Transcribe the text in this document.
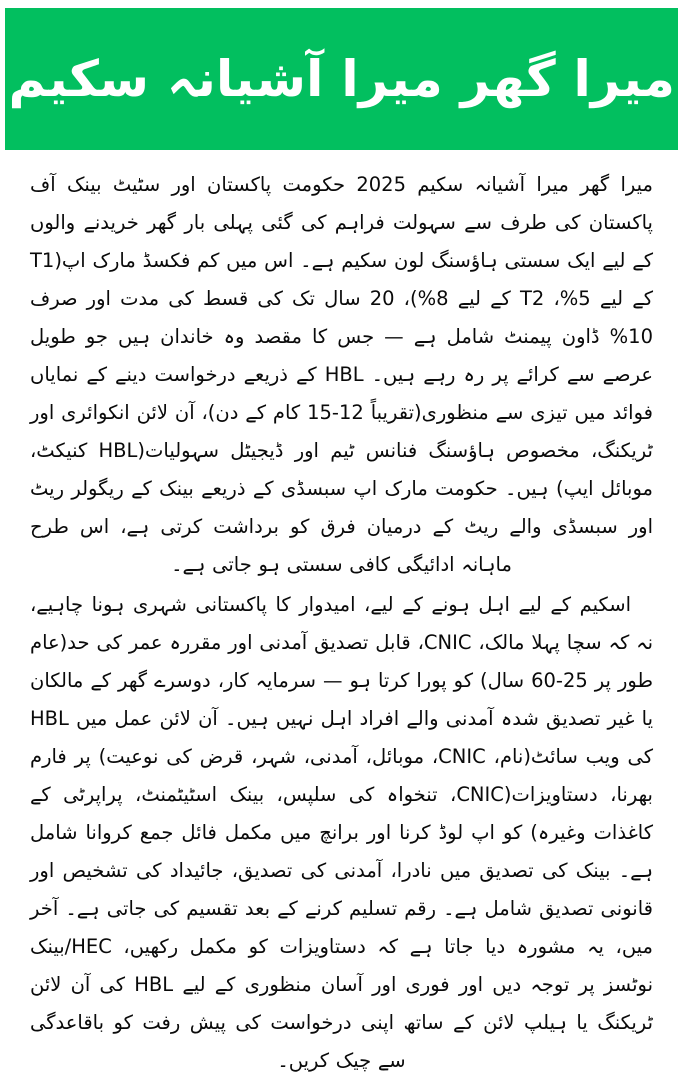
میرا گھر میرا آشیانہ سکیم

میرا گھر میرا آشیانہ سکیم 2025 حکومت پاکستان اور سٹیٹ بینک آف پاکستان کی طرف سے سہولت فراہم کی گئی پہلی بار گھر خریدنے والوں کے لیے ایک سستی ہاؤسنگ لون سکیم ہے۔ اس میں کم فکسڈ مارک اپ(T1 کے لیے 5%، T2 کے لیے 8%)، 20 سال تک کی قسط کی مدت اور صرف 10% ڈاون پیمنٹ شامل ہے — جس کا مقصد وہ خاندان ہیں جو طویل عرصے سے کرائے پر رہ رہے ہیں۔ HBL کے ذریعے درخواست دینے کے نمایاں فوائد میں تیزی سے منظوری(تقریباً 12-15 کام کے دن)، آن لائن انکوائری اور ٹریکنگ، مخصوص ہاؤسنگ فنانس ٹیم اور ڈیجیٹل سہولیات(HBL کنیکٹ، موبائل ایپ) ہیں۔ حکومت مارک اپ سبسڈی کے ذریعے بینک کے ریگولر ریٹ اور سبسڈی والے ریٹ کے درمیان فرق کو برداشت کرتی ہے، اس طرح ماہانہ ادائیگی کافی سستی ہو جاتی ہے۔

اسکیم کے لیے اہل ہونے کے لیے، امیدوار کا پاکستانی شہری ہونا چاہیے، نہ کہ سچا پہلا مالک، CNIC، قابل تصدیق آمدنی اور مقررہ عمر کی حد(عام طور پر 25-60 سال) کو پورا کرتا ہو — سرمایہ کار، دوسرے گھر کے مالکان یا غیر تصدیق شدہ آمدنی والے افراد اہل نہیں ہیں۔ آن لائن عمل میں HBL کی ویب سائٹ(نام، CNIC، موبائل، آمدنی، شہر، قرض کی نوعیت) پر فارم بھرنا، دستاویزات(CNIC، تنخواہ کی سلپس، بینک اسٹیٹمنٹ، پراپرٹی کے کاغذات وغیرہ) کو اپ لوڈ کرنا اور برانچ میں مکمل فائل جمع کروانا شامل ہے۔ بینک کی تصدیق میں نادرا، آمدنی کی تصدیق، جائیداد کی تشخیص اور قانونی تصدیق شامل ہے۔ رقم تسلیم کرنے کے بعد تقسیم کی جاتی ہے۔ آخر میں، یہ مشورہ دیا جاتا ہے کہ دستاویزات کو مکمل رکھیں، HEC/بینک نوٹسز پر توجہ دیں اور فوری اور آسان منظوری کے لیے HBL کی آن لائن ٹریکنگ یا ہیلپ لائن کے ساتھ اپنی درخواست کی پیش رفت کو باقاعدگی سے چیک کریں۔
